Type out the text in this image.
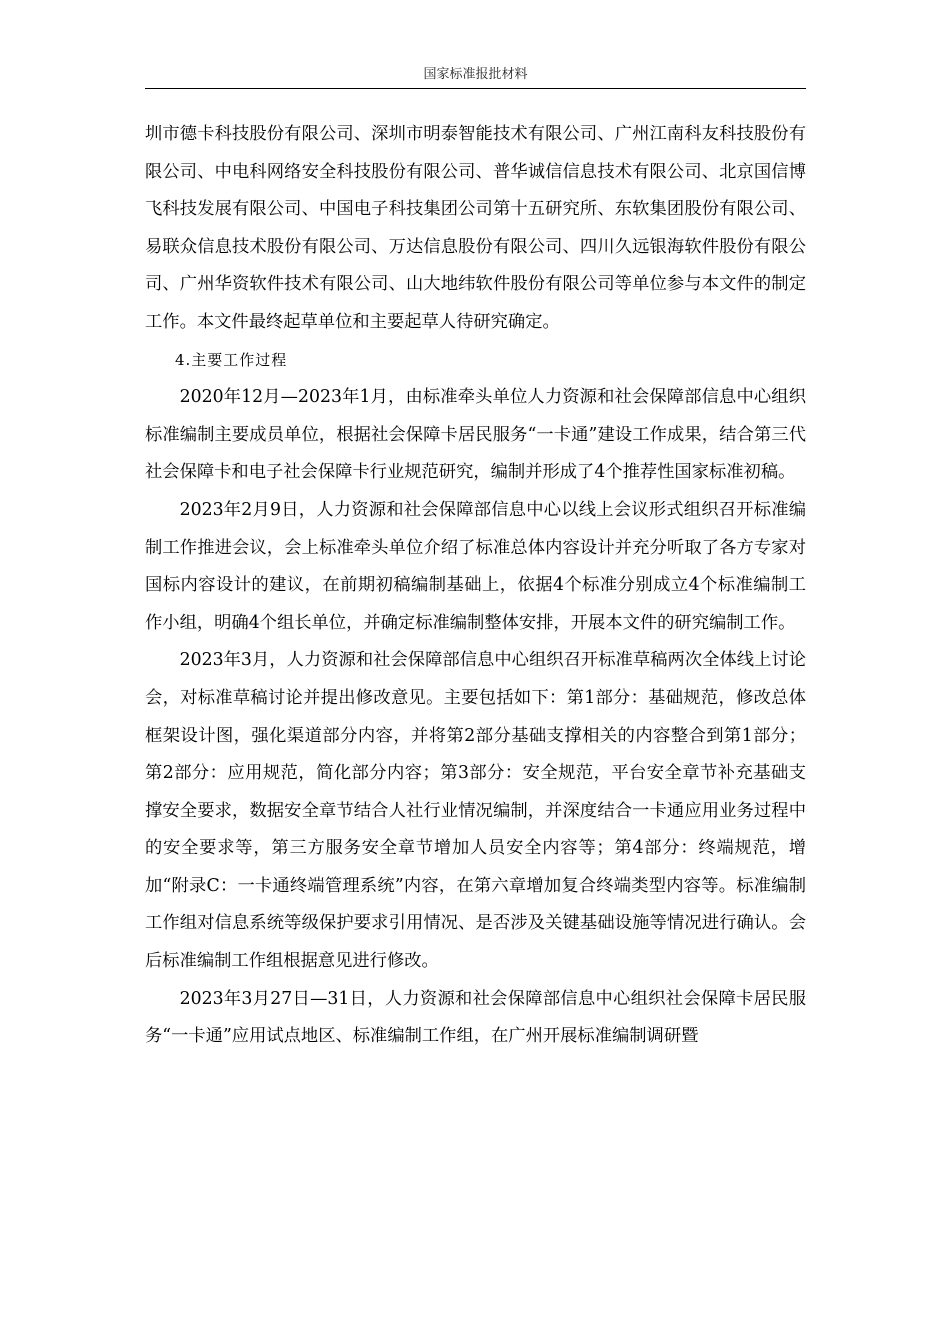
国家标准报批材料

圳市德卡科技股份有限公司、深圳市明泰智能技术有限公司、广州江南科友科技股份有限公司、中电科网络安全科技股份有限公司、普华诚信信息技术有限公司、北京国信博飞科技发展有限公司、中国电子科技集团公司第十五研究所、东软集团股份有限公司、易联众信息技术股份有限公司、万达信息股份有限公司、四川久远银海软件股份有限公司、广州华资软件技术有限公司、山大地纬软件股份有限公司等单位参与本文件的制定工作。本文件最终起草单位和主要起草人待研究确定。

4.主要工作过程

2020年12月—2023年1月，由标准牵头单位人力资源和社会保障部信息中心组织标准编制主要成员单位，根据社会保障卡居民服务“一卡通”建设工作成果，结合第三代社会保障卡和电子社会保障卡行业规范研究，编制并形成了4个推荐性国家标准初稿。

2023年2月9日，人力资源和社会保障部信息中心以线上会议形式组织召开标准编制工作推进会议，会上标准牵头单位介绍了标准总体内容设计并充分听取了各方专家对国标内容设计的建议，在前期初稿编制基础上，依据4个标准分别成立4个标准编制工作小组，明确4个组长单位，并确定标准编制整体安排，开展本文件的研究编制工作。

2023年3月，人力资源和社会保障部信息中心组织召开标准草稿两次全体线上讨论会，对标准草稿讨论并提出修改意见。主要包括如下：第1部分：基础规范，修改总体框架设计图，强化渠道部分内容，并将第2部分基础支撑相关的内容整合到第1部分；第2部分：应用规范，简化部分内容；第3部分：安全规范，平台安全章节补充基础支撑安全要求，数据安全章节结合人社行业情况编制，并深度结合一卡通应用业务过程中的安全要求等，第三方服务安全章节增加人员安全内容等；第4部分：终端规范，增加“附录C：一卡通终端管理系统”内容，在第六章增加复合终端类型内容等。标准编制工作组对信息系统等级保护要求引用情况、是否涉及关键基础设施等情况进行确认。会后标准编制工作组根据意见进行修改。

2023年3月27日—31日，人力资源和社会保障部信息中心组织社会保障卡居民服务“一卡通”应用试点地区、标准编制工作组，在广州开展标准编制调研暨
